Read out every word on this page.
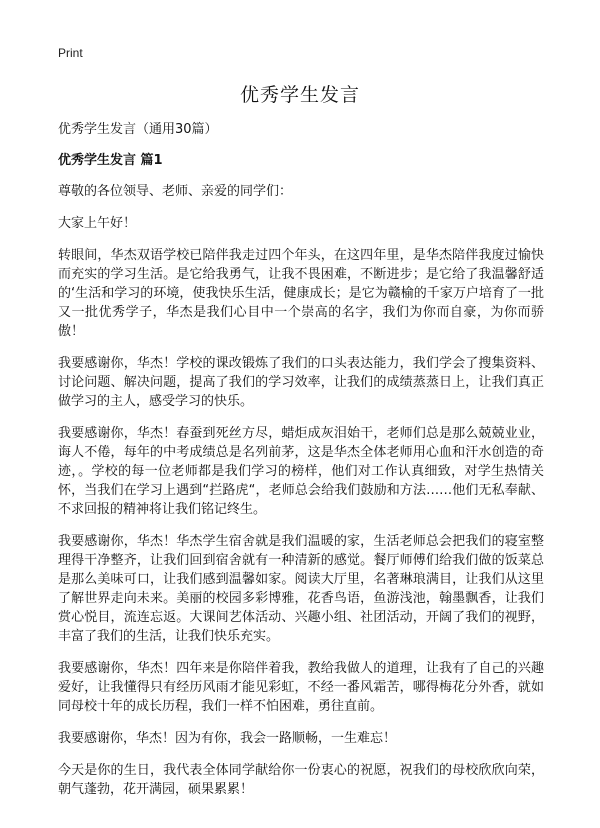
Print
优秀学生发言

优秀学生发言（通用30篇）

优秀学生发言 篇1

尊敬的各位领导、老师、亲爱的同学们：

大家上午好！

转眼间，华杰双语学校已陪伴我走过四个年头，在这四年里，是华杰陪伴我度过愉快而充实的学习生活。是它给我勇气，让我不畏困难，不断进步；是它给了我温馨舒适的‘生活和学习的环境，使我快乐生活，健康成长；是它为赣榆的千家万户培育了一批又一批优秀学子，华杰是我们心目中一个崇高的名字，我们为你而自豪，为你而骄傲！

我要感谢你，华杰！学校的课改锻炼了我们的口头表达能力，我们学会了搜集资料、讨论问题、解决问题，提高了我们的学习效率，让我们的成绩蒸蒸日上，让我们真正做学习的主人，感受学习的快乐。

我要感谢你，华杰！春蚕到死丝方尽，蜡炬成灰泪始干，老师们总是那么兢兢业业，诲人不倦，每年的中考成绩总是名列前茅，这是华杰全体老师用心血和汗水创造的奇迹，。学校的每一位老师都是我们学习的榜样，他们对工作认真细致，对学生热情关怀，当我们在学习上遇到“拦路虎“，老师总会给我们鼓励和方法……他们无私奉献、不求回报的精神将让我们铭记终生。

我要感谢你，华杰！华杰学生宿舍就是我们温暖的家，生活老师总会把我们的寝室整理得干净整齐，让我们回到宿舍就有一种清新的感觉。餐厅师傅们给我们做的饭菜总是那么美味可口，让我们感到温馨如家。阅读大厅里，名著琳琅满目，让我们从这里了解世界走向未来。美丽的校园多彩博雅，花香鸟语，鱼游浅池，翰墨飘香，让我们赏心悦目，流连忘返。大课间艺体活动、兴趣小组、社团活动，开阔了我们的视野，丰富了我们的生活，让我们快乐充实。

我要感谢你，华杰！四年来是你陪伴着我，教给我做人的道理，让我有了自己的兴趣爱好，让我懂得只有经历风雨才能见彩虹，不经一番风霜苦，哪得梅花分外香，就如同母校十年的成长历程，我们一样不怕困难，勇往直前。

我要感谢你，华杰！因为有你，我会一路顺畅，一生难忘！

今天是你的生日，我代表全体同学献给你一份衷心的祝愿，祝我们的母校欣欣向荣，朝气蓬勃，花开满园，硕果累累！
